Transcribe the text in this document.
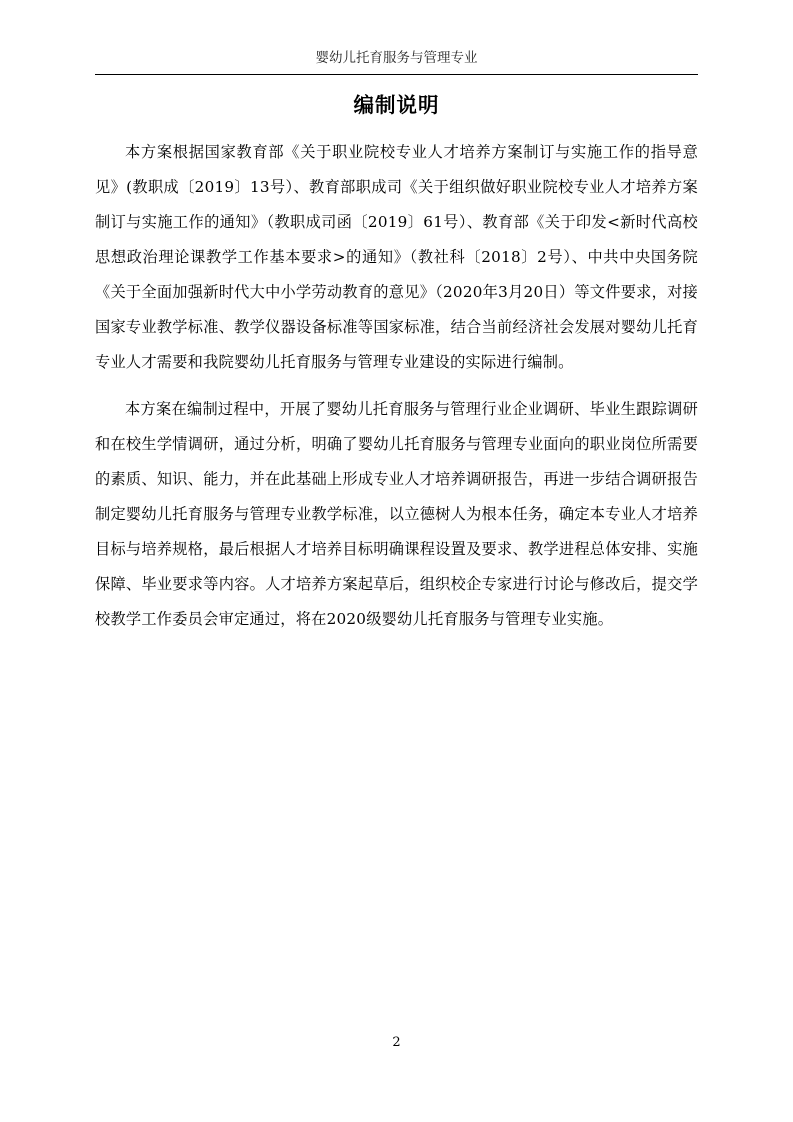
婴幼儿托育服务与管理专业
编制说明

本方案根据国家教育部《关于职业院校专业人才培养方案制订与实施工作的指导意见》(教职成〔2019〕13号）、教育部职成司《关于组织做好职业院校专业人才培养方案制订与实施工作的通知》（教职成司函〔2019〕61号）、教育部《关于印发<新时代高校思想政治理论课教学工作基本要求>的通知》（教社科〔2018〕2号）、中共中央国务院《关于全面加强新时代大中小学劳动教育的意见》（2020年3月20日）等文件要求，对接国家专业教学标准、教学仪器设备标准等国家标准，结合当前经济社会发展对婴幼儿托育专业人才需要和我院婴幼儿托育服务与管理专业建设的实际进行编制。

本方案在编制过程中，开展了婴幼儿托育服务与管理行业企业调研、毕业生跟踪调研和在校生学情调研，通过分析，明确了婴幼儿托育服务与管理专业面向的职业岗位所需要的素质、知识、能力，并在此基础上形成专业人才培养调研报告，再进一步结合调研报告制定婴幼儿托育服务与管理专业教学标准，以立德树人为根本任务，确定本专业人才培养目标与培养规格，最后根据人才培养目标明确课程设置及要求、教学进程总体安排、实施保障、毕业要求等内容。人才培养方案起草后，组织校企专家进行讨论与修改后，提交学校教学工作委员会审定通过，将在2020级婴幼儿托育服务与管理专业实施。

2
